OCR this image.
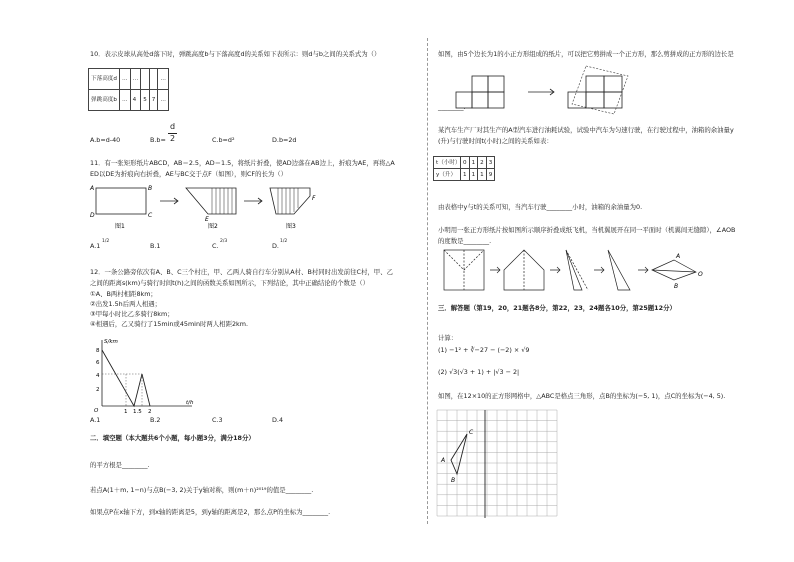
10．表示皮球从高处d落下时，弹跳高度b与下落高度d的关系如下表所示：则d与b之间的关系式为（）
下落高度d	…	…			…
弹跳高度b	…	4	5	7	…
A.b=d-40	B.b=
d
2	C.b=d²	D.b=2d
11．有一张矩形纸片ABCD，AB＝2.5，AD＝1.5，将纸片折叠，使AD边落在AB边上，折痕为AE，再将△A
ED以DE为折痕向右折叠，AE与BC交于点F（如图），则CF的长为（）
A	B
D	C
图1
E
图2
F
图3
A.1
1/2
B.1	C.
2/3
D.
1/2
12．一条公路旁依次有A、B、C三个村庄，甲、乙两人骑自行车分别从A村、B村同时出发前往C村，甲、乙
之间的距离s(km)与骑行时间t(h)之间的函数关系如图所示，下列结论，其中正确结论的个数是（）
①A、B两村相距8km；
②出发1.5h后两人相遇；
③甲每小时比乙多骑行8km；
④相遇后，乙又骑行了15min或45min时两人相距2km.
S/km
t/h
O
8
6
4
2
1 1.5 2
A.1	B.2	C.3	D.4
二．填空题（本大题共6个小题，每小题3分，满分18分）
的平方根是________.
若点A(1＋m, 1−n)与点B(−3, 2)关于y轴对称，则(m＋n)²⁰¹⁹的值是________.
如果点P在x轴下方，到x轴的距离是5，到y轴的距离是2，那么点P的坐标为________.
如图，由5个边长为1的小正方形组成的纸片，可以把它剪拼成一个正方形，那么剪拼成的正方形的边长是
________.
某汽车生产厂对其生产的A型汽车进行油耗试验，试验中汽车为匀速行驶，在行驶过程中，油箱的余油量y
(升)与行驶时间t(小时)之间的关系如表：
t（小时）	0	1	2	3
y（升）	1	1	1	9
由表格中y与t的关系可知，当汽车行驶________小时，油箱的余油量为0.
小明用一张正方形纸片按如图所示顺序折叠成纸飞机，当机翼展开在同一平面时（机翼间无缝隙），∠AOB
的度数是________.
A
B
O
三．解答题（第19，20，21题各8分，第22，23，24题各10分，第25题12分）
计算：
(1) −1² + ∛−27 − (−2) × √9
(2) √3(√3 + 1) + |√3 − 2|
如图，在12×10的正方形网格中，△ABC是格点三角形，点B的坐标为(−5, 1)，点C的坐标为(−4, 5).
A
B
C
